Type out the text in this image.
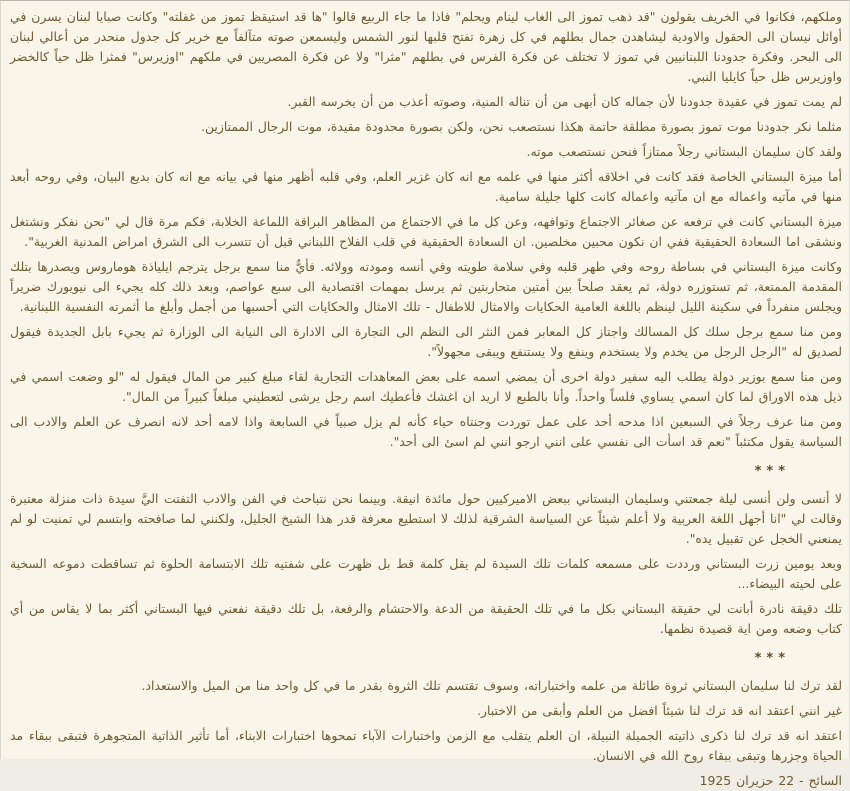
وملكهم، فكانوا في الخريف يقولون "قد ذهب تموز الى الغاب لينام ويحلم" فاذا ما جاء الربيع قالوا "ها قد استيقظ تموز من غفلته" وكانت صبايا لبنان يسرن في أوائل نيسان الى الحقول والاودية ليشاهدن جمال بطلهم في كل زهرة تفتح قلبها لنور الشمس وليسمعن صوته متآلفاً مع خرير كل جدول منحدر من أعالي لبنان الى البحر. وفكرة جدودنا اللبنانيين في تموز لا تختلف عن فكرة الفرس في بطلهم "مثرا" ولا عن فكرة المصريين في ملكهم "اوزيرس" فمثرا ظل حياً كالخضر واوزيرس ظل حياً كايليا النبي.

لم يمت تموز في عقيدة جدودنا لأن جماله كان أبهى من أن تناله المنية، وصوته أعذب من أن يخرسه القبر.

مثلما نكر جدودنا موت تموز بصورة مطلقة حاتمة هكذا نستصعب نحن، ولكن بصورة محدودة مقيدة، موت الرجال الممتازين.

ولقد كان سليمان البستاني رجلاً ممتازاً فنحن نستصعب موته.

أما ميزة البستاني الخاصة فقد كانت في اخلاقه أكثر منها في علمه مع انه كان غزير العلم، وفي قلبه أظهر منها في بيانه مع انه كان بديع البيان، وفي روحه أبعد منها في مآتيه واعماله مع ان مآتيه واعماله كانت كلها جليلة سامية.

ميزة البستاني كانت في ترفعه عن صغائر الاجتماع وتوافهه، وعن كل ما في الاجتماع من المظاهر البراقة اللماعة الخلابة، فكم مرة قال لي "نحن نفكر ونشتغل ونشقى اما السعادة الحقيقية ففي ان نكون محبين مخلصين. ان السعادة الحقيقية في قلب الفلاح اللبناني قبل أن تتسرب الى الشرق امراض المدنية الغربية".

وكانت ميزة البستاني في بساطة روحه وفي طهر قلبه وفي سلامة طويته وفي أنسه ومودته وولائه. فأيٌّ منا سمع برجل يترجم ايلياذة هوماروس ويصدرها بتلك المقدمة الممتعة، ثم تستوزره دولة، ثم يعقد صلحاً بين أمتين متحاربتين ثم يرسل بمهمات اقتصادية الى سبع عواصم، وبعد ذلك كله يجيء الى نيويورك ضريراً ويجلس منفرداً في سكينة الليل لينظم باللغة العامية الحكايات والامثال للاطفال - تلك الامثال والحكايات التي أحسبها من أجمل وأبلغ ما أثمرته النفسية اللبنانية.

ومن منا سمع برجل سلك كل المسالك واجتاز كل المعابر فمن النثر الى النظم الى التجارة الى الادارة الى النيابة الى الوزارة ثم يجيء بابل الجديدة فيقول لصديق له "الرجل الرجل من يخدم ولا يستخدم وينفع ولا يستنفع ويبقى مجهولاً".

ومن منا سمع بوزير دولة يطلب اليه سفير دولة اخرى أن يمضي اسمه على بعض المعاهدات التجارية لقاء مبلغ كبير من المال فيقول له "لو وضعت اسمي في ذيل هذه الاوراق لما كان اسمي يساوي فلساً واحداً. وأنا بالطبع لا اريد ان اغشك فأعطيك اسم رجل يرشى لتعطيني مبلغاً كبيراً من المال".

ومن منا عرف رجلاً في السبعين اذا مدحه أحد على عمل توردت وجنتاه حياء كأنه لم يزل صبياً في السابعة واذا لامه أحد لانه انصرف عن العلم والادب الى السياسة يقول مكتئباً "نعم قد اسأت الى نفسي على انني ارجو انني لم اسئ الى أحد".

***

لا أنسى ولن أنسى ليلة جمعتني وسليمان البستاني ببعض الاميركيين حول مائدة انيقة. وبينما نحن نتباحث في الفن والادب التفتت اليَّ سيدة ذات منزلة معتبرة وقالت لي "انا أجهل اللغة العربية ولا أعلم شيئاً عن السياسة الشرقية لذلك لا استطيع معرفة قدر هذا الشيخ الجليل، ولكنني لما صافحته وابتسم لي تمنيت لو لم يمنعني الخجل عن تقبيل يده".

وبعد يومين زرت البستاني ورددت على مسمعه كلمات تلك السيدة لم يقل كلمة قط بل ظهرت على شفتيه تلك الابتسامة الحلوة ثم تساقطت دموعه السخية على لحيته البيضاء...

تلك دقيقة نادرة أبانت لي حقيقة البستاني بكل ما في تلك الحقيقة من الدعة والاحتشام والرفعة، بل تلك دقيقة نفعني فيها البستاني أكثر بما لا يقاس من أي كتاب وضعه ومن اية قصيدة نظمها.

***

لقد ترك لنا سليمان البستاني ثروة طائلة من علمه واختباراته، وسوف تقتسم تلك الثروة بقدر ما في كل واحد منا من الميل والاستعداد.

غير انني اعتقد انه قد ترك لنا شيئاً افضل من العلم وأبقى من الاختبار.

اعتقد انه قد ترك لنا ذكرى ذاتيته الجميلة النبيلة، ان العلم يتقلب مع الزمن واختبارات الآباء تمحوها اختبارات الابناء، أما تأثير الذاتية المتجوهرة فتبقى ببقاء مد الحياة وجزرها وتبقى ببقاء روح الله في الانسان.

السائح - 22 حزيران 1925
